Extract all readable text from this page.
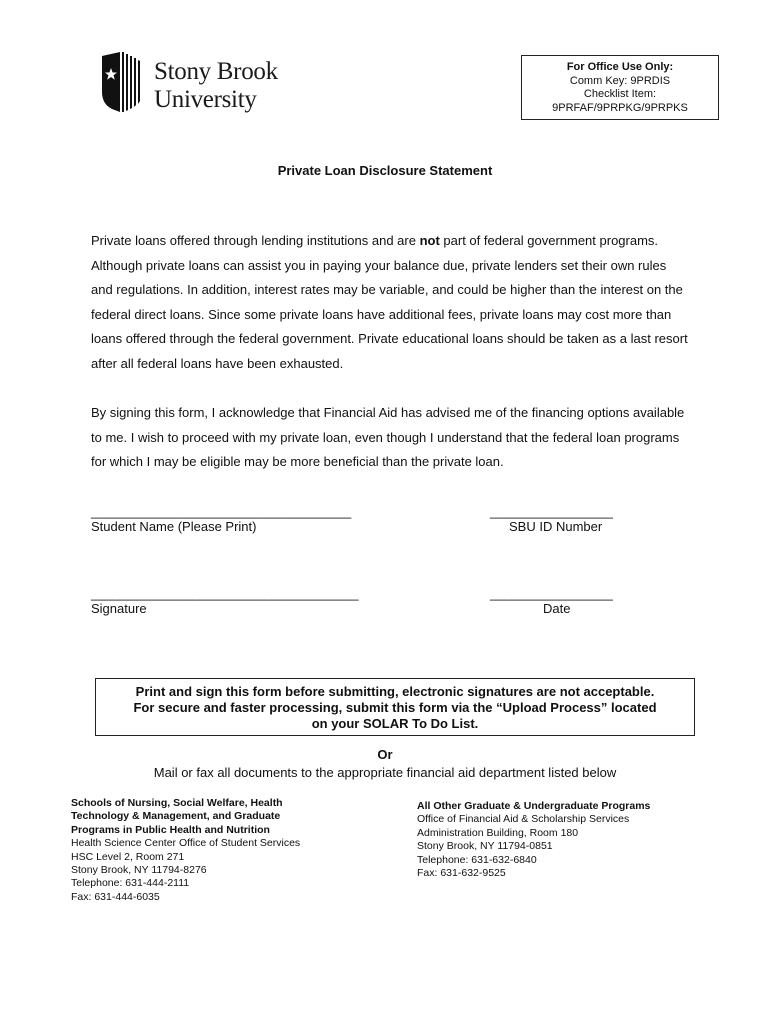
Stony Brook
University
For Office Use Only:
Comm Key: 9PRDIS
Checklist Item:
9PRFAF/9PRPKG/9PRPKS
Private Loan Disclosure Statement
Private loans offered through lending institutions and are not part of federal government programs. Although private loans can assist you in paying your balance due, private lenders set their own rules and regulations. In addition, interest rates may be variable, and could be higher than the interest on the federal direct loans. Since some private loans have additional fees, private loans may cost more than loans offered through the federal government. Private educational loans should be taken as a last resort after all federal loans have been exhausted.
By signing this form, I acknowledge that Financial Aid has advised me of the financing options available to me. I wish to proceed with my private loan, even though I understand that the federal loan programs for which I may be eligible may be more beneficial than the private loan.
____________________________________
Student Name (Please Print)
_________________
SBU ID Number
_____________________________________
Signature
_________________
Date
Print and sign this form before submitting, electronic signatures are not acceptable.
For secure and faster processing, submit this form via the “Upload Process” located
on your SOLAR To Do List.
Or
Mail or fax all documents to the appropriate financial aid department listed below
Schools of Nursing, Social Welfare, Health
Technology & Management, and Graduate
Programs in Public Health and Nutrition
Health Science Center Office of Student Services
HSC Level 2, Room 271
Stony Brook, NY 11794-8276
Telephone: 631-444-2111
Fax: 631-444-6035
All Other Graduate & Undergraduate Programs
Office of Financial Aid & Scholarship Services
Administration Building, Room 180
Stony Brook, NY 11794-0851
Telephone: 631-632-6840
Fax: 631-632-9525
